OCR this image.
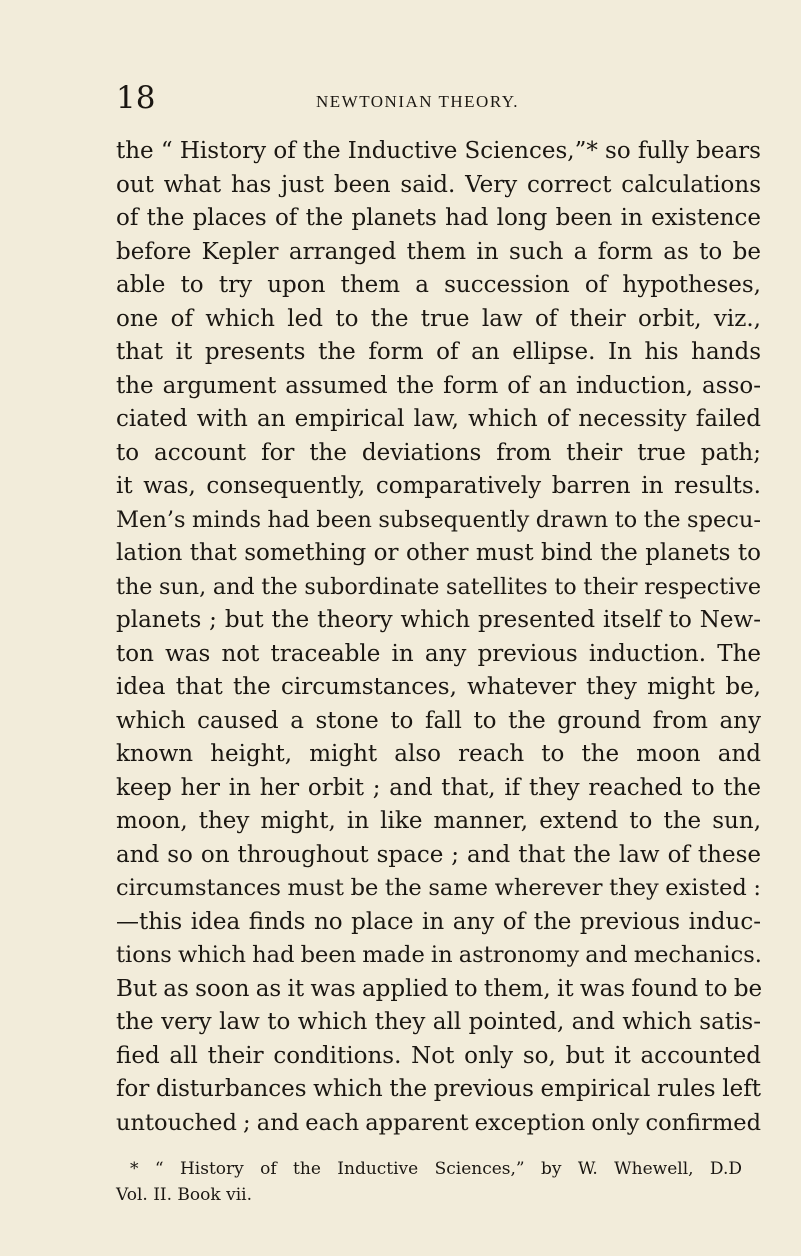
18	NEWTONIAN THEORY.
the “ History of the Inductive Sciences,”* so fully bears
out what has just been said. Very correct calculations
of the places of the planets had long been in existence
before Kepler arranged them in such a form as to be
able to try upon them a succession of hypotheses,
one of which led to the true law of their orbit, viz.,
that it presents the form of an ellipse. In his hands
the argument assumed the form of an induction, asso-
ciated with an empirical law, which of necessity failed
to account for the deviations from their true path;
it was, consequently, comparatively barren in results.
Men’s minds had been subsequently drawn to the specu-
lation that something or other must bind the planets to
the sun, and the subordinate satellites to their respective
planets ; but the theory which presented itself to New-
ton was not traceable in any previous induction. The
idea that the circumstances, whatever they might be,
which caused a stone to fall to the ground from any
known height, might also reach to the moon and
keep her in her orbit ; and that, if they reached to the
moon, they might, in like manner, extend to the sun,
and so on throughout space ; and that the law of these
circumstances must be the same wherever they existed :
—this idea finds no place in any of the previous induc-
tions which had been made in astronomy and mechanics.
But as soon as it was applied to them, it was found to be
the very law to which they all pointed, and which satis-
fied all their conditions. Not only so, but it accounted
for disturbances which the previous empirical rules left
untouched ; and each apparent exception only confirmed
* “ History of the Inductive Sciences,” by W. Whewell, D.D
Vol. II. Book vii.
